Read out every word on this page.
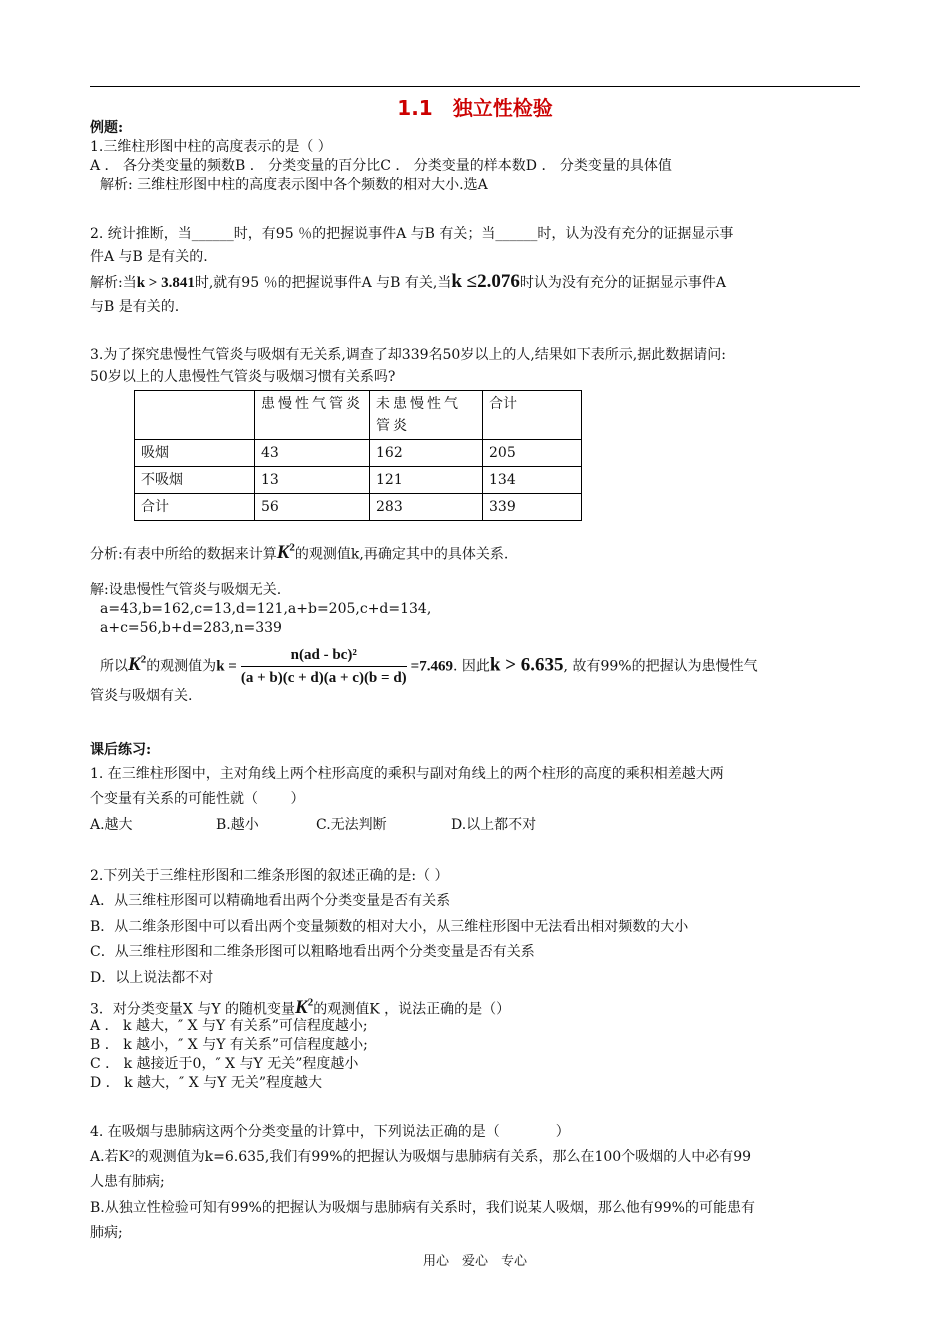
1.1　独立性检验
例题:
1.三维柱形图中柱的高度表示的是（ ）
A ． 各分类变量的频数B ． 分类变量的百分比C ． 分类变量的样本数D ． 分类变量的具体值
解析: 三维柱形图中柱的高度表示图中各个频数的相对大小.选A
2. 统计推断，当______时，有95 ％的把握说事件A 与B 有关；当______时，认为没有充分的证据显示事
件A 与B 是有关的.
解析:当k > 3.841时,就有95 ％的把握说事件A 与B 有关,当k ≤2.076时认为没有充分的证据显示事件A
与B 是有关的.
3.为了探究患慢性气管炎与吸烟有无关系,调查了却339名50岁以上的人,结果如下表所示,据此数据请问:
50岁以上的人患慢性气管炎与吸烟习惯有关系吗?
	患慢性气管炎	未患慢性气管炎	合计
吸烟	43	162	205
不吸烟	13	121	134
合计	56	283	339
分析:有表中所给的数据来计算$K^2$的观测值k,再确定其中的具体关系.
解:设患慢性气管炎与吸烟无关.
a=43,b=162,c=13,d=121,a+b=205,c+d=134,
a+c=56,b+d=283,n=339
所以$K^2$的观测值为$k = \frac{\text{n(ad - bc)²}}{(a + b)(c + d)(a + c)(b = d)} =7.469$. 因此k > 6.635, 故有99%的把握认为患慢性气
管炎与吸烟有关.
课后练习:
1. 在三维柱形图中，主对角线上两个柱形高度的乘积与副对角线上的两个柱形的高度的乘积相差越大两
个变量有关系的可能性就（　　 ）
A.越大	B.越小	C.无法判断	D.以上都不对
2.下列关于三维柱形图和二维条形图的叙述正确的是:（ ）
A．从三维柱形图可以精确地看出两个分类变量是否有关系
B．从二维条形图中可以看出两个变量频数的相对大小，从三维柱形图中无法看出相对频数的大小
C．从三维柱形图和二维条形图可以粗略地看出两个分类变量是否有关系
D．以上说法都不对
3．对分类变量X 与Y 的随机变量$K^2$的观测值K ，说法正确的是（）
A ． k 越大，″ X 与Y 有关系”可信程度越小;
B ． k 越小，″ X 与Y 有关系”可信程度越小;
C ． k 越接近于0，″ X 与Y 无关”程度越小
D ． k 越大，″ X 与Y 无关”程度越大
4. 在吸烟与患肺病这两个分类变量的计算中，下列说法正确的是（　　　　）
A.若K²的观测值为k=6.635,我们有99%的把握认为吸烟与患肺病有关系，那么在100个吸烟的人中必有99
人患有肺病;
B.从独立性检验可知有99%的把握认为吸烟与患肺病有关系时，我们说某人吸烟，那么他有99%的可能患有
肺病;
用心　爱心　专心
